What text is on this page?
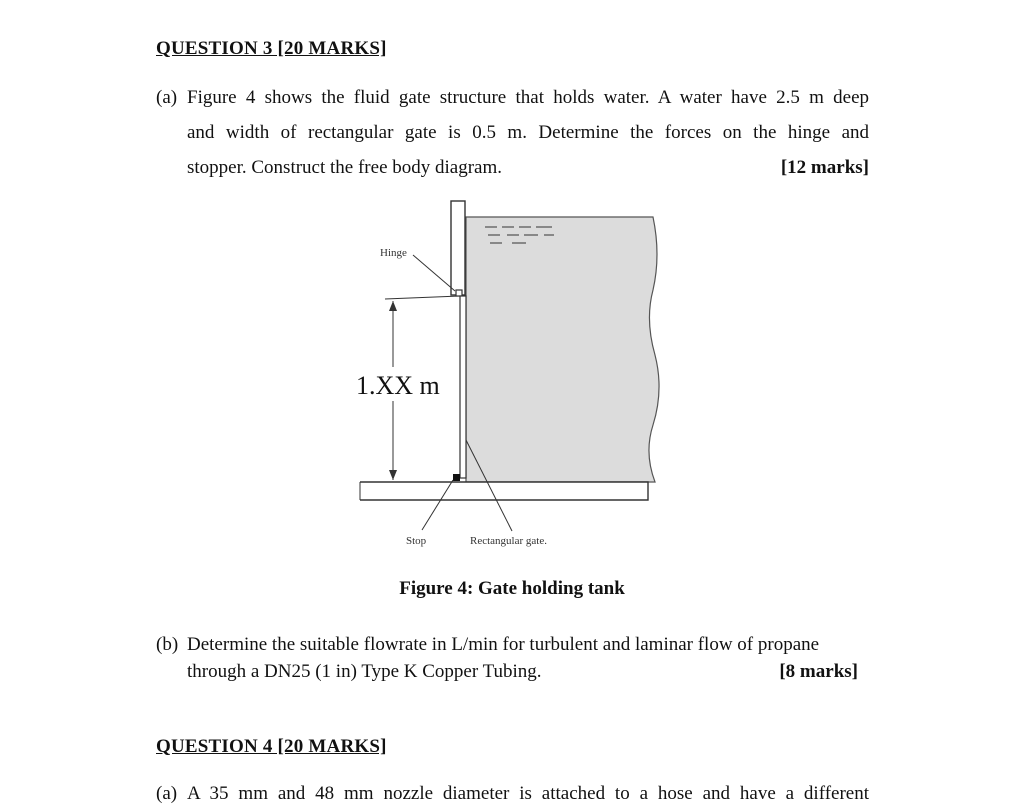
QUESTION 3 [20 MARKS]
(a) Figure 4 shows the fluid gate structure that holds water. A water have 2.5 m deep
and width of rectangular gate is 0.5 m. Determine the forces on the hinge and
stopper. Construct the free body diagram.	[12 marks]
1.XX m
Hinge
Stop	Rectangular gate.
Figure 4: Gate holding tank
(b) Determine the suitable flowrate in L/min for turbulent and laminar flow of propane
through a DN25 (1 in) Type K Copper Tubing.	[8 marks]
QUESTION 4 [20 MARKS]
(a) A 35 mm and 48 mm nozzle diameter is attached to a hose and have a different
